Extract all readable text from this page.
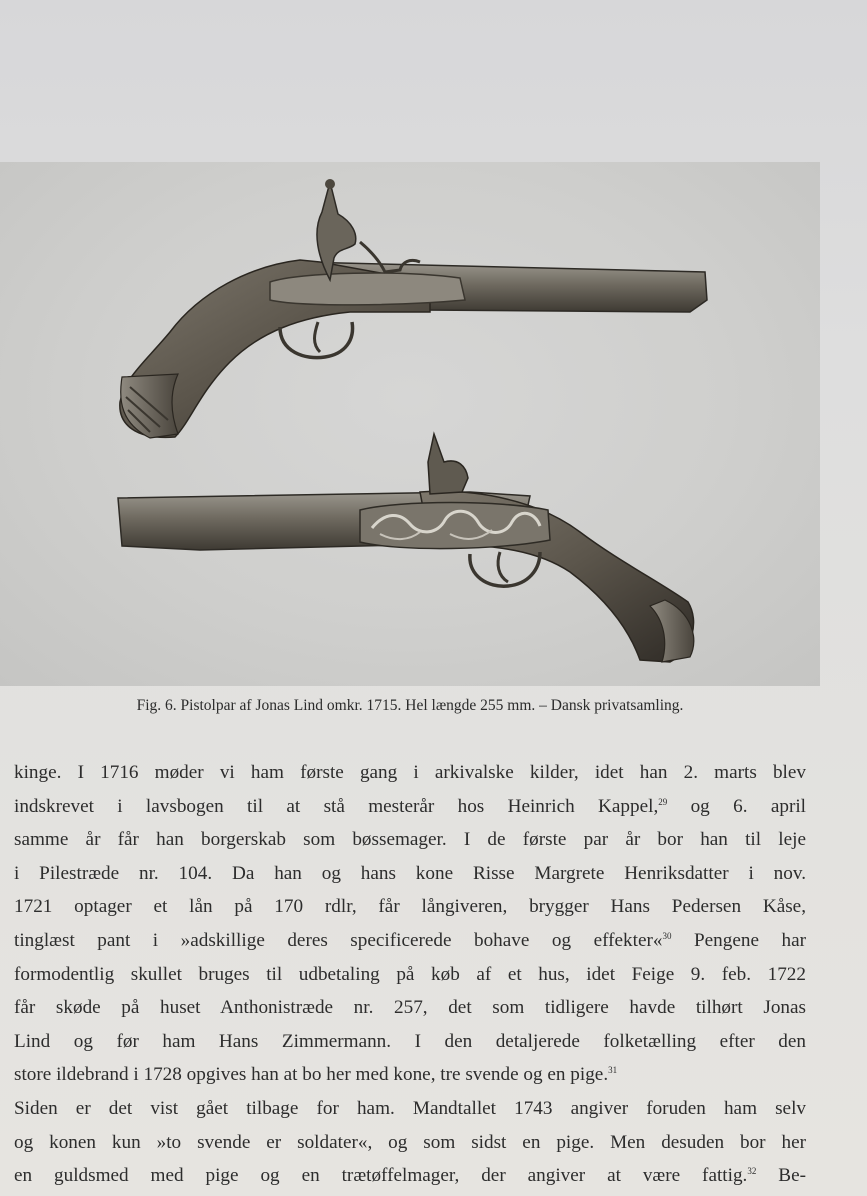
Fig. 6. Pistolpar af Jonas Lind omkr. 1715. Hel længde 255 mm. – Dansk privatsamling.
kinge. I 1716 møder vi ham første gang i arkivalske kilder, idet han 2. marts blev
indskrevet i lavsbogen til at stå mesterår hos Heinrich Kappel,$^{29}$ og 6. april
samme år får han borgerskab som bøssemager. I de første par år bor han til leje
i Pilestræde nr. 104. Da han og hans kone Risse Margrete Henriksdatter i nov.
1721 optager et lån på 170 rdlr, får långiveren, brygger Hans Pedersen Kåse,
tinglæst pant i »adskillige deres specificerede bohave og effekter«$^{30}$ Pengene har
formodentlig skullet bruges til udbetaling på køb af et hus, idet Feige 9. feb. 1722
får skøde på huset Anthonistræde nr. 257, det som tidligere havde tilhørt Jonas
Lind og før ham Hans Zimmermann. I den detaljerede folketælling efter den
store ildebrand i 1728 opgives han at bo her med kone, tre svende og en pige.$^{31}$
Siden er det vist gået tilbage for ham. Mandtallet 1743 angiver foruden ham selv
og konen kun »to svende er soldater«, og som sidst en pige. Men desuden bor her
en guldsmed med pige og en trætøffelmager, der angiver at være fattig.$^{32}$ Be-
